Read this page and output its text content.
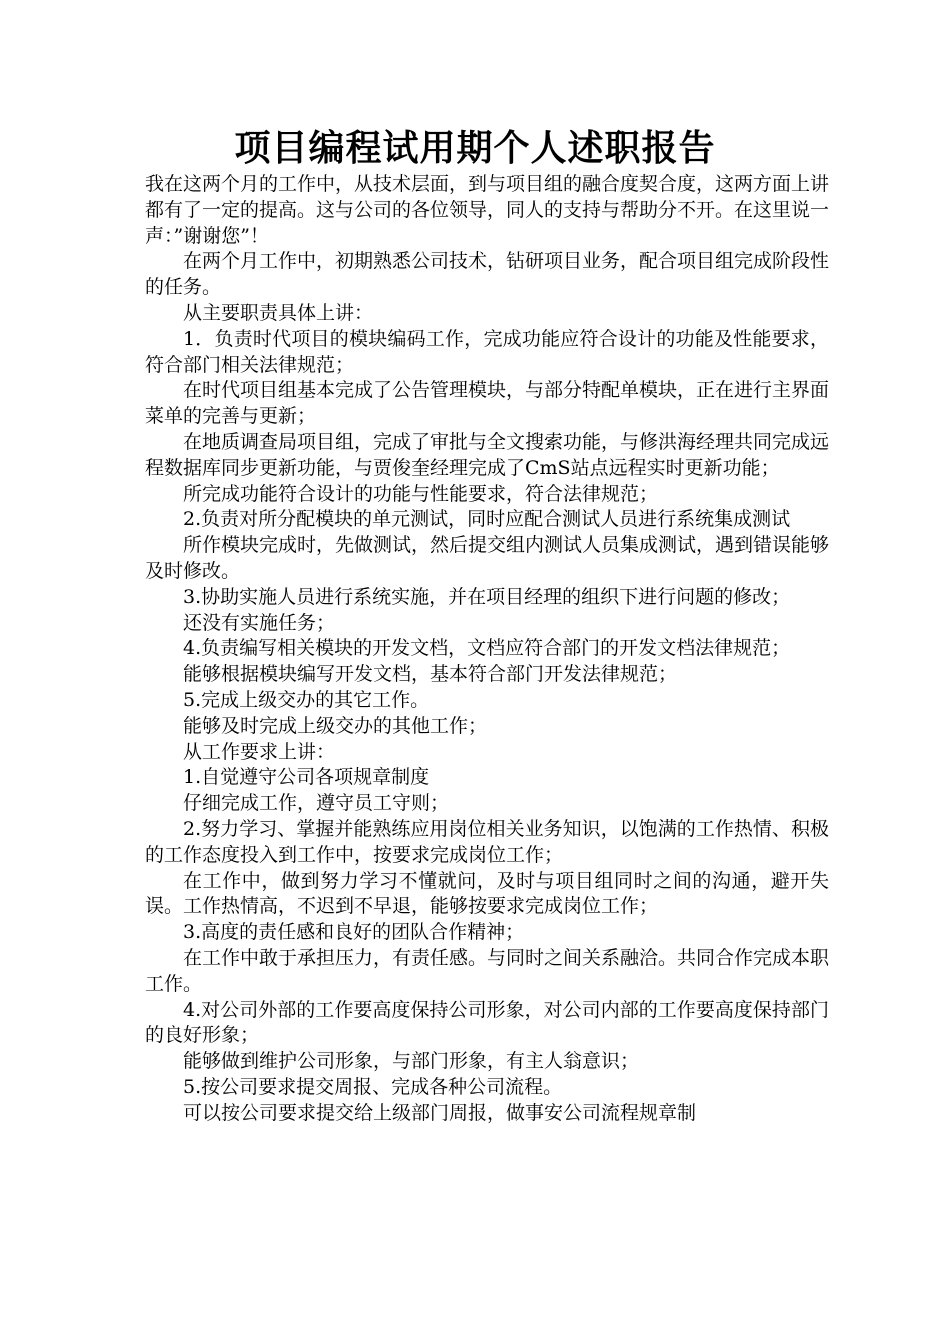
项目编程试用期个人述职报告

我在这两个月的工作中，从技术层面，到与项目组的融合度契合度，这两方面上讲都有了一定的提高。这与公司的各位领导，同人的支持与帮助分不开。在这里说一声：”谢谢您”！

在两个月工作中，初期熟悉公司技术，钻研项目业务，配合项目组完成阶段性的任务。

从主要职责具体上讲：

1．负责时代项目的模块编码工作，完成功能应符合设计的功能及性能要求，符合部门相关法律规范；

在时代项目组基本完成了公告管理模块，与部分特配单模块，正在进行主界面菜单的完善与更新；

在地质调查局项目组，完成了审批与全文搜索功能，与修洪海经理共同完成远程数据库同步更新功能，与贾俊奎经理完成了CmS站点远程实时更新功能；

所完成功能符合设计的功能与性能要求，符合法律规范；

2.负责对所分配模块的单元测试，同时应配合测试人员进行系统集成测试

所作模块完成时，先做测试，然后提交组内测试人员集成测试，遇到错误能够及时修改。

3.协助实施人员进行系统实施，并在项目经理的组织下进行问题的修改；

还没有实施任务；

4.负责编写相关模块的开发文档，文档应符合部门的开发文档法律规范；

能够根据模块编写开发文档，基本符合部门开发法律规范；

5.完成上级交办的其它工作。

能够及时完成上级交办的其他工作；

从工作要求上讲：

1.自觉遵守公司各项规章制度

仔细完成工作，遵守员工守则；

2.努力学习、掌握并能熟练应用岗位相关业务知识，以饱满的工作热情、积极的工作态度投入到工作中，按要求完成岗位工作；

在工作中，做到努力学习不懂就问，及时与项目组同时之间的沟通，避开失误。工作热情高，不迟到不早退，能够按要求完成岗位工作；

3.高度的责任感和良好的团队合作精神；

在工作中敢于承担压力，有责任感。与同时之间关系融洽。共同合作完成本职工作。

4.对公司外部的工作要高度保持公司形象，对公司内部的工作要高度保持部门的良好形象；

能够做到维护公司形象，与部门形象，有主人翁意识；

5.按公司要求提交周报、完成各种公司流程。

可以按公司要求提交给上级部门周报，做事安公司流程规章制
